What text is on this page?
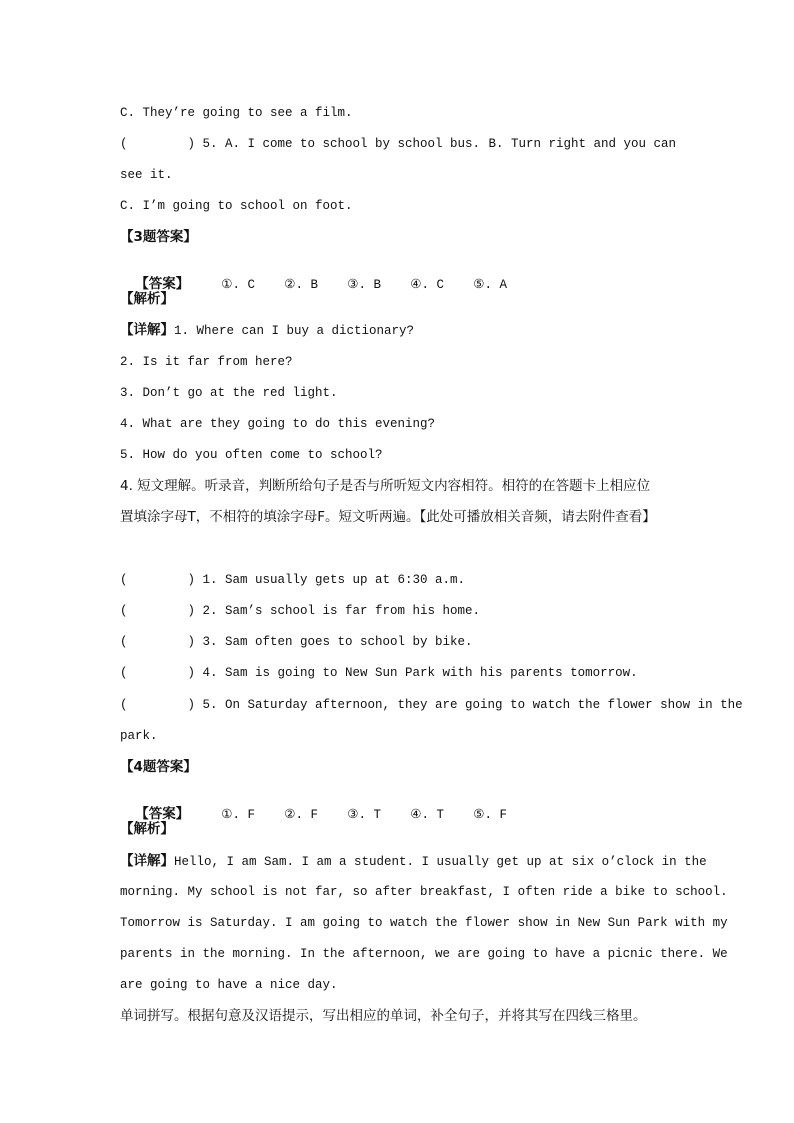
C. They’re going to see a film.
(        ) 5. A. I come to school by school bus. B. Turn right and you can
see it.
C. I’m going to school on foot.
【3题答案】

【答案】	①. C ②. B ③. B ④. C ⑤. A

【解析】
【详解】1. Where can I buy a dictionary?
2. Is it far from here?
3. Don’t go at the red light.
4. What are they going to do this evening?
5. How do you often come to school?
4. 短文理解。听录音，判断所给句子是否与所听短文内容相符。相符的在答题卡上相应位
置填涂字母T，不相符的填涂字母F。短文听两遍。【此处可播放相关音频，请去附件查看】
(        ) 1. Sam usually gets up at 6:30 a.m.
(        ) 2. Sam’s school is far from his home.
(        ) 3. Sam often goes to school by bike.
(        ) 4. Sam is going to New Sun Park with his parents tomorrow.
(        ) 5. On Saturday afternoon, they are going to watch the flower show in the
park.
【4题答案】

【答案】	①. F ②. F ③. T ④. T ⑤. F

【解析】
【详解】Hello, I am Sam. I am a student. I usually get up at six o’clock in the
morning. My school is not far, so after breakfast, I often ride a bike to school.
Tomorrow is Saturday. I am going to watch the flower show in New Sun Park with my
parents in the morning. In the afternoon, we are going to have a picnic there. We
are going to have a nice day.
单词拼写。根据句意及汉语提示，写出相应的单词，补全句子，并将其写在四线三格里。
